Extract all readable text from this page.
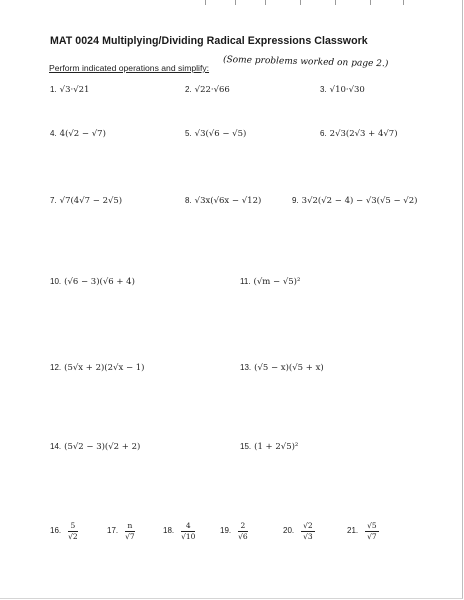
MAT 0024 Multiplying/Dividing Radical Expressions Classwork
Perform indicated operations and simplify: (Some problems worked on page 2.)
1. √3·√21	2. √22·√66	3. √10·√30
4. 4(√2 − √7)	5. √3(√6 − √5)	6. 2√3(2√3 + 4√7)
7. √7(4√7 − 2√5)	8. √3x(√6x − √12)	9. 3√2(√2 − 4) − √3(√5 − √2)
10. (√6 − 3)(√6 + 4)	11. (√m − √5)²
12. (5√x + 2)(2√x − 1)	13. (√5 − x)(√5 + x)
14. (5√2 − 3)(√2 + 2)	15. (1 + 2√5)²
16. $\frac{5}{√2}$	17. $\frac{n}{√7}$	18. $\frac{4}{√10}$	19. $\frac{2}{√6}$	20. $\frac{√2}{√3}$	21. $\frac{√5}{√7}$
